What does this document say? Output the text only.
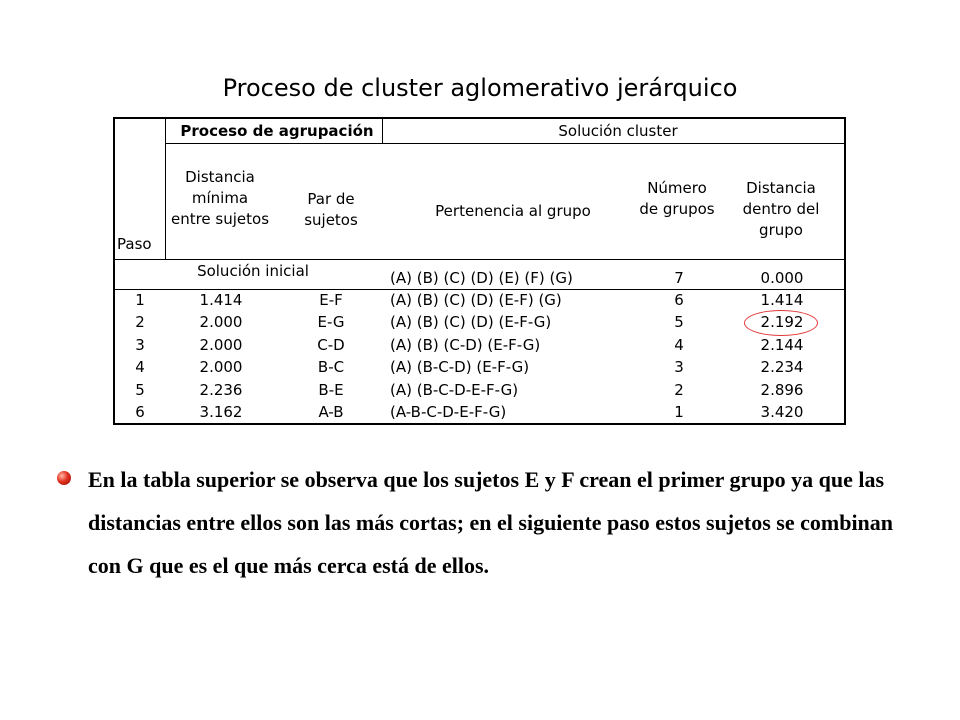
Proceso de cluster aglomerativo jerárquico
Proceso de agrupación	Solución cluster
Paso
Distancia mínima entre sujetos
Par de sujetos	Pertenencia al grupo
Número de grupos
Distancia dentro del grupo
Solución inicial	(A) (B) (C) (D) (E) (F) (G)	7	0.000
1	1.414	E-F	(A) (B) (C) (D) (E-F) (G)	6	1.414
2	2.000	E-G	(A) (B) (C) (D) (E-F-G)	5	2.192
3	2.000	C-D	(A) (B) (C-D) (E-F-G)	4	2.144
4	2.000	B-C	(A) (B-C-D) (E-F-G)	3	2.234
5	2.236	B-E	(A) (B-C-D-E-F-G)	2	2.896
6	3.162	A-B	(A-B-C-D-E-F-G)	1	3.420
En la tabla superior se observa que los sujetos E y F crean el primer grupo ya que las distancias entre ellos son las más cortas; en el siguiente paso estos sujetos se combinan con G que es el que más cerca está de ellos.
